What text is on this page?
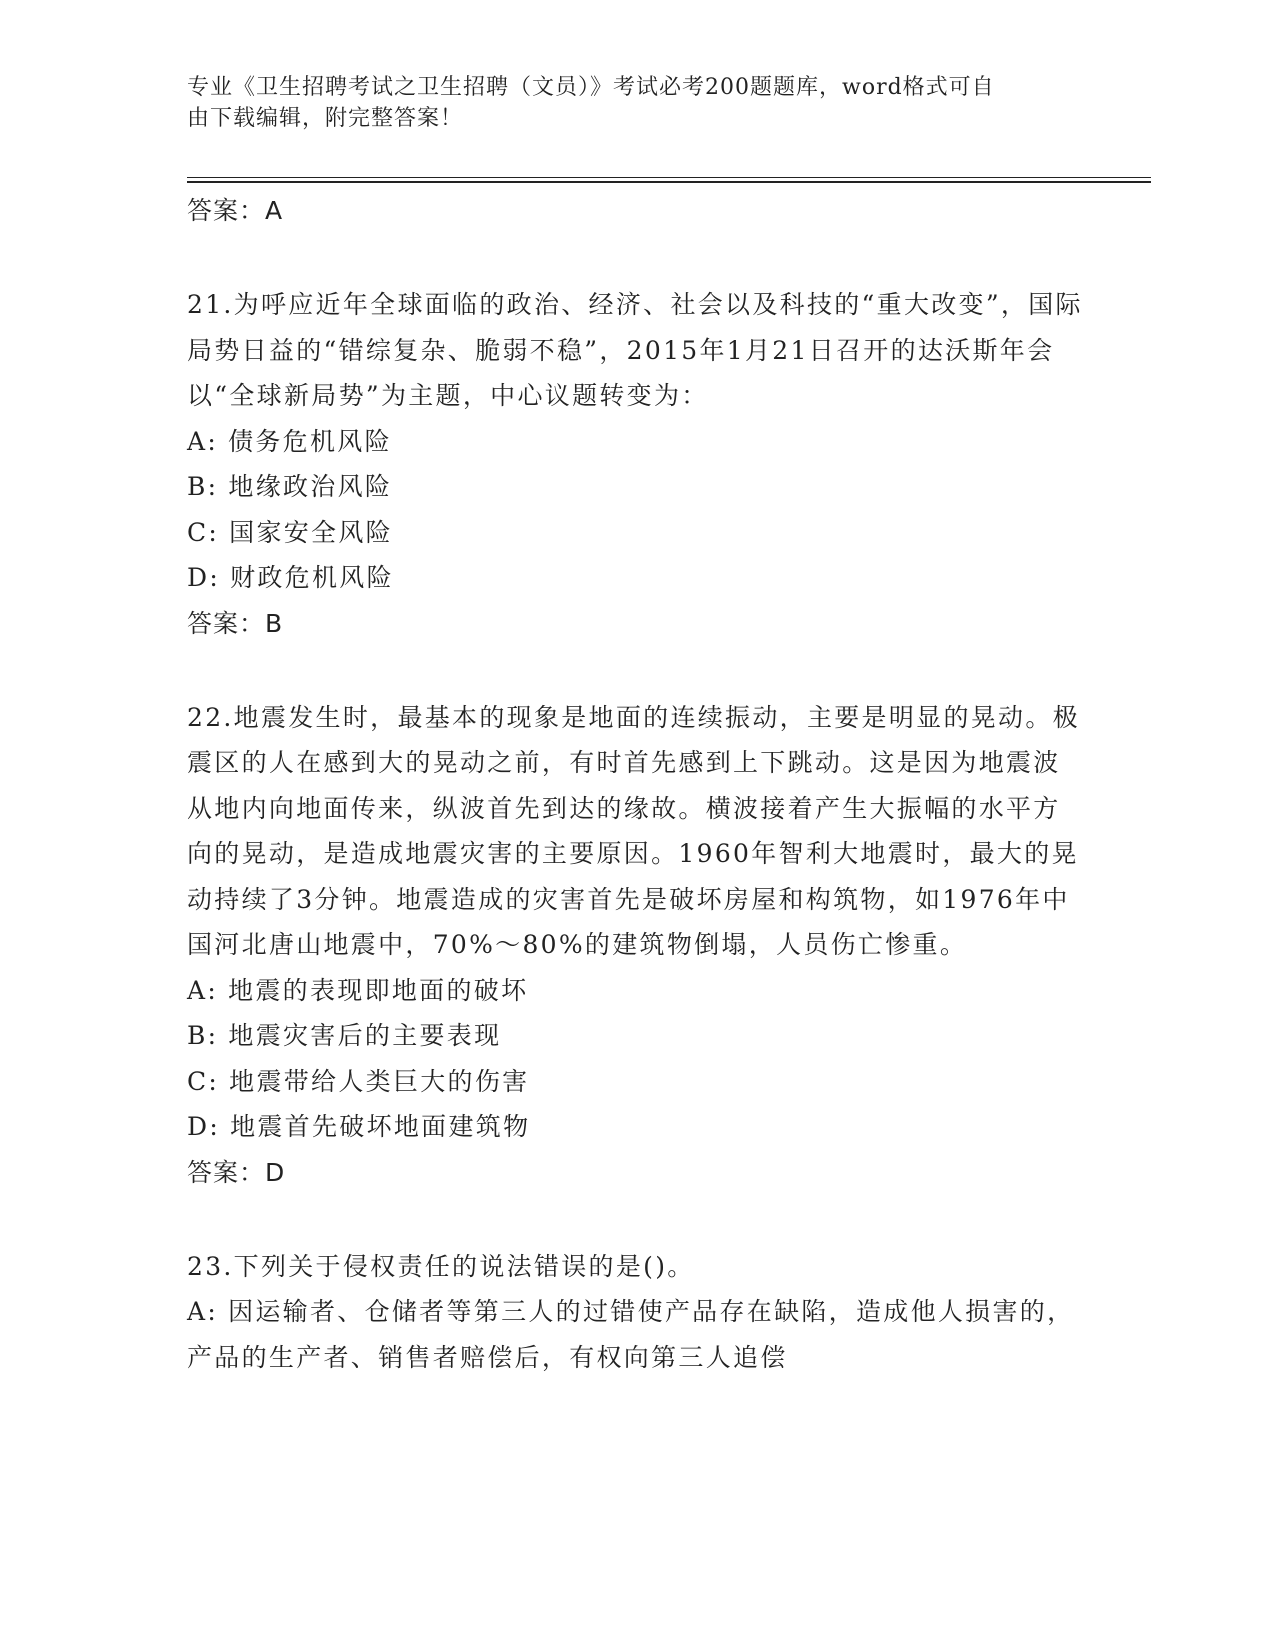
专业《卫生招聘考试之卫生招聘（文员）》考试必考200题题库，word格式可自
由下载编辑，附完整答案！

答案：A

21.为呼应近年全球面临的政治、经济、社会以及科技的“重大改变”，国际局势日益的“错综复杂、脆弱不稳”，2015年1月21日召开的达沃斯年会以“全球新局势”为主题，中心议题转变为：

A: 债务危机风险

B: 地缘政治风险

C: 国家安全风险

D: 财政危机风险

答案：B

22.地震发生时，最基本的现象是地面的连续振动，主要是明显的晃动。极震区的人在感到大的晃动之前，有时首先感到上下跳动。这是因为地震波从地内向地面传来，纵波首先到达的缘故。横波接着产生大振幅的水平方向的晃动，是造成地震灾害的主要原因。1960年智利大地震时，最大的晃动持续了3分钟。地震造成的灾害首先是破坏房屋和构筑物，如1976年中国河北唐山地震中，70%～80%的建筑物倒塌，人员伤亡惨重。

A: 地震的表现即地面的破坏

B: 地震灾害后的主要表现

C: 地震带给人类巨大的伤害

D: 地震首先破坏地面建筑物

答案：D

23.下列关于侵权责任的说法错误的是()。

A: 因运输者、仓储者等第三人的过错使产品存在缺陷，造成他人损害的，产品的生产者、销售者赔偿后，有权向第三人追偿
